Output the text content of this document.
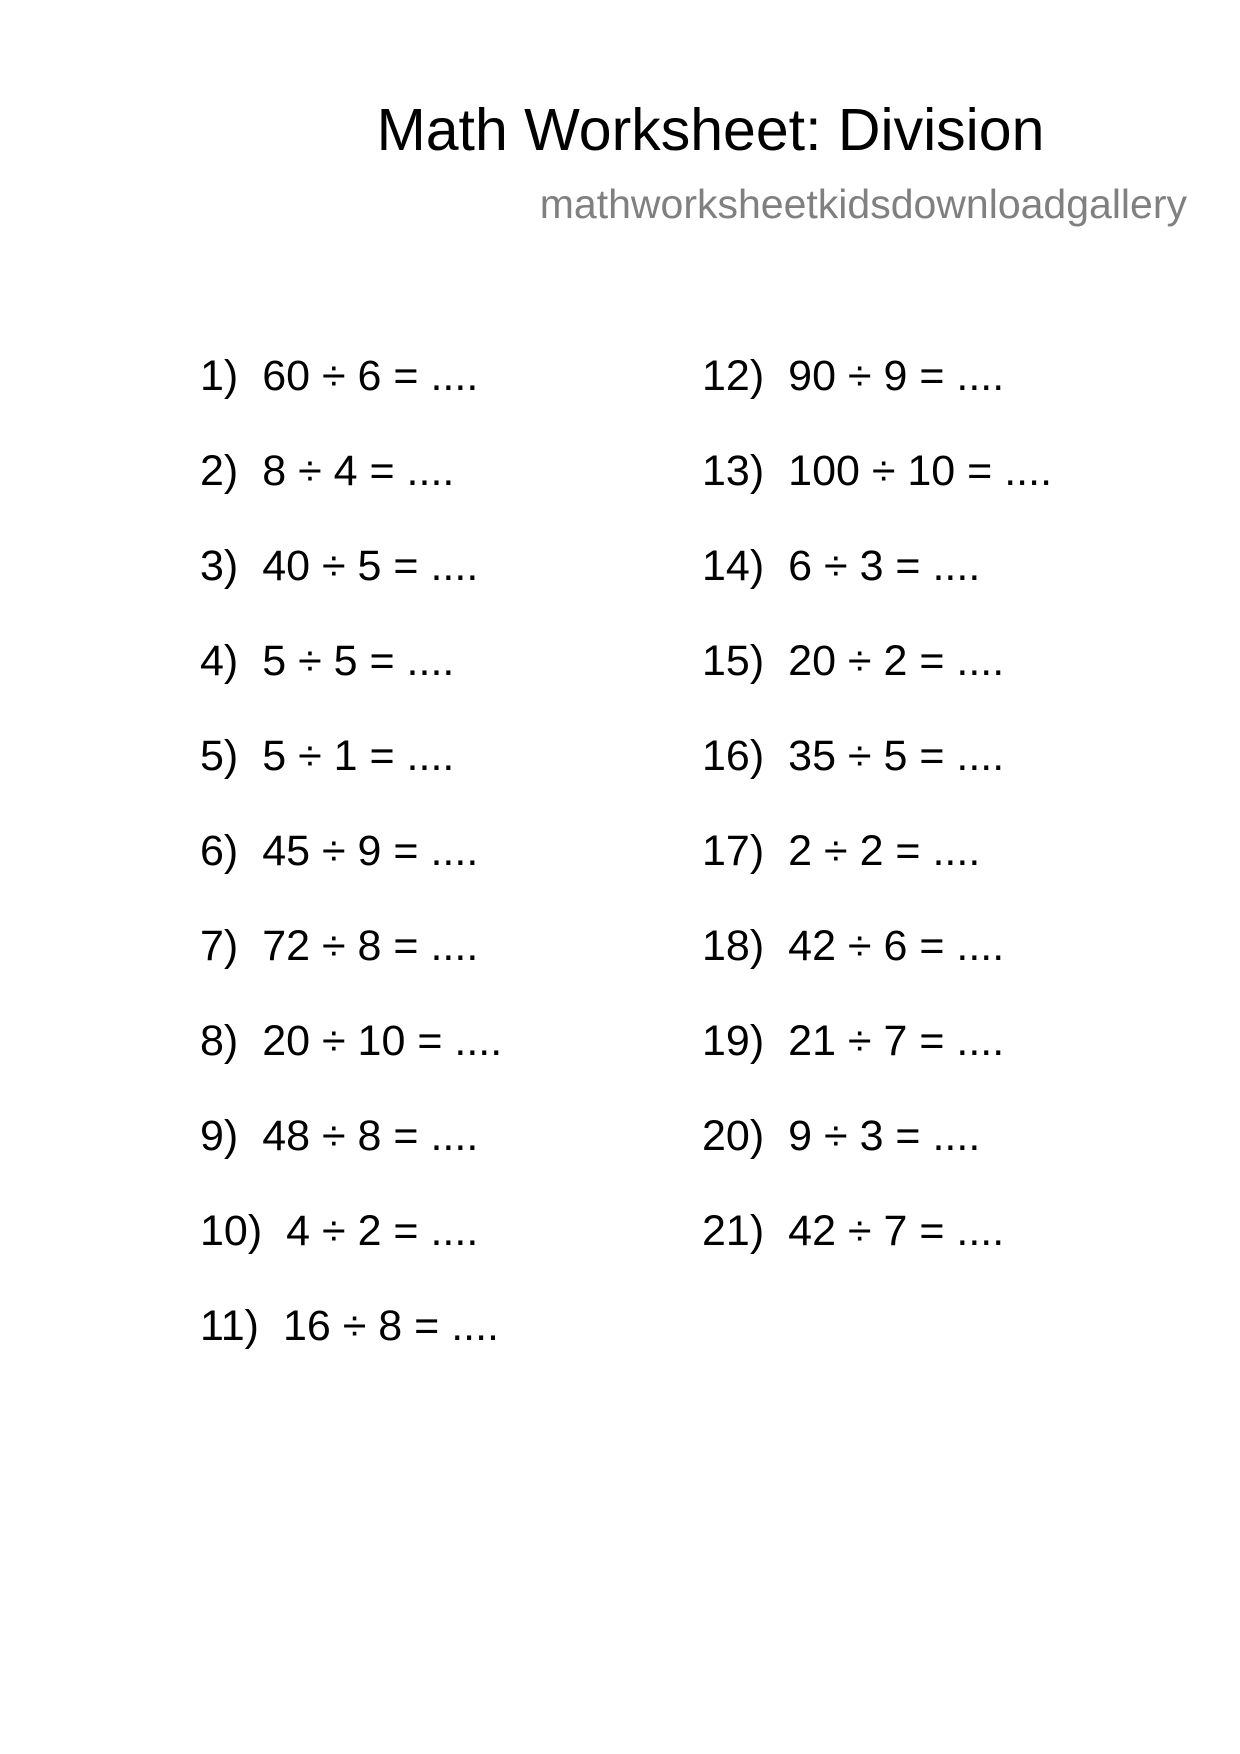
Math Worksheet: Division
mathworksheetkidsdownloadgallery
1) 60 ÷ 6 = ....
2) 8 ÷ 4 = ....
3) 40 ÷ 5 = ....
4) 5 ÷ 5 = ....
5) 5 ÷ 1 = ....
6) 45 ÷ 9 = ....
7) 72 ÷ 8 = ....
8) 20 ÷ 10 = ....
9) 48 ÷ 8 = ....
10) 4 ÷ 2 = ....
11) 16 ÷ 8 = ....
12) 90 ÷ 9 = ....
13) 100 ÷ 10 = ....
14) 6 ÷ 3 = ....
15) 20 ÷ 2 = ....
16) 35 ÷ 5 = ....
17) 2 ÷ 2 = ....
18) 42 ÷ 6 = ....
19) 21 ÷ 7 = ....
20) 9 ÷ 3 = ....
21) 42 ÷ 7 = ....
